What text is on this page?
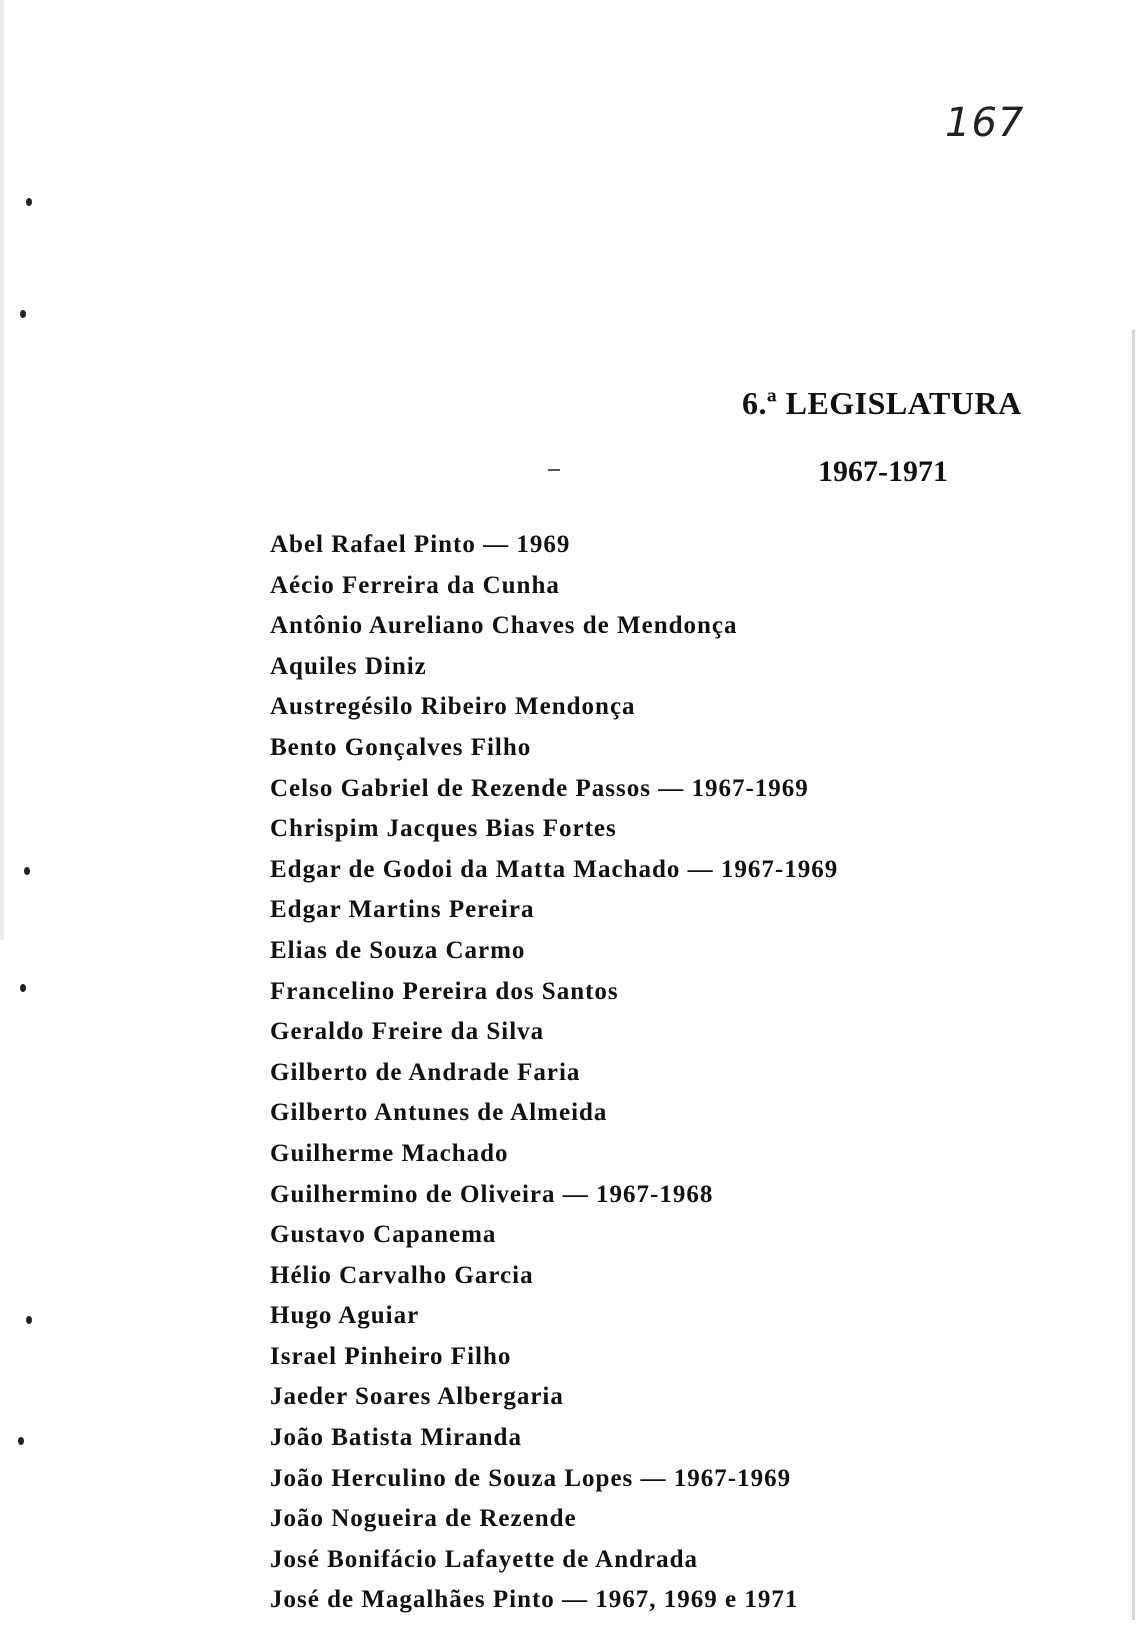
167
6.ª LEGISLATURA
1967-1971
Abel Rafael Pinto — 1969
Aécio Ferreira da Cunha
Antônio Aureliano Chaves de Mendonça
Aquiles Diniz
Austregésilo Ribeiro Mendonça
Bento Gonçalves Filho
Celso Gabriel de Rezende Passos — 1967-1969
Chrispim Jacques Bias Fortes
Edgar de Godoi da Matta Machado — 1967-1969
Edgar Martins Pereira
Elias de Souza Carmo
Francelino Pereira dos Santos
Geraldo Freire da Silva
Gilberto de Andrade Faria
Gilberto Antunes de Almeida
Guilherme Machado
Guilhermino de Oliveira — 1967-1968
Gustavo Capanema
Hélio Carvalho Garcia
Hugo Aguiar
Israel Pinheiro Filho
Jaeder Soares Albergaria
João Batista Miranda
João Herculino de Souza Lopes — 1967-1969
João Nogueira de Rezende
José Bonifácio Lafayette de Andrada
José de Magalhães Pinto — 1967, 1969 e 1971
